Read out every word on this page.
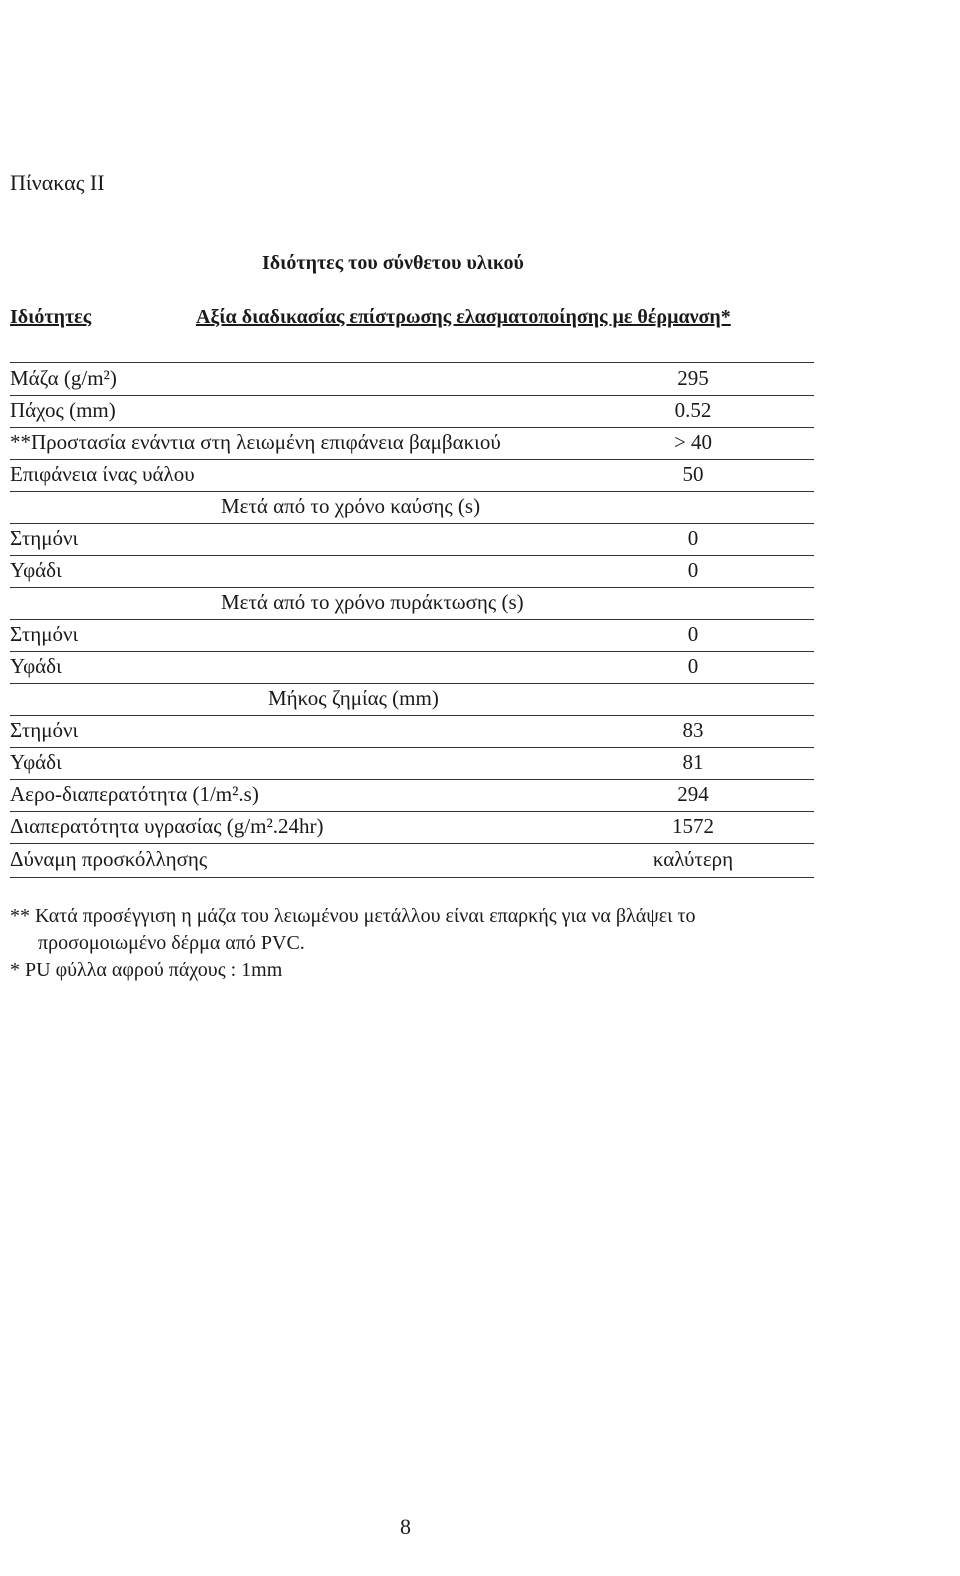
Πίνακας II
Ιδιότητες του σύνθετου υλικού
Ιδιότητες	Αξία διαδικασίας επίστρωσης ελασματοποίησης με θέρμανση*
Μάζα (g/m²)	295
Πάχος (mm)	0.52
**Προστασία ενάντια στη λειωμένη επιφάνεια βαμβακιού	> 40
Επιφάνεια ίνας υάλου	50
Μετά από το χρόνο καύσης (s)
Στημόνι	0
Υφάδι	0
Μετά από το χρόνο πυράκτωσης (s)
Στημόνι	0
Υφάδι	0
Μήκος ζημίας (mm)
Στημόνι	83
Υφάδι	81
Αερο-διαπερατότητα (1/m².s)	294
Διαπερατότητα υγρασίας (g/m².24hr)	1572
Δύναμη προσκόλλησης	καλύτερη
** Κατά προσέγγιση η μάζα του λειωμένου μετάλλου είναι επαρκής για να βλάψει το
προσομοιωμένο δέρμα από PVC.
* PU φύλλα αφρού πάχους : 1mm
8
